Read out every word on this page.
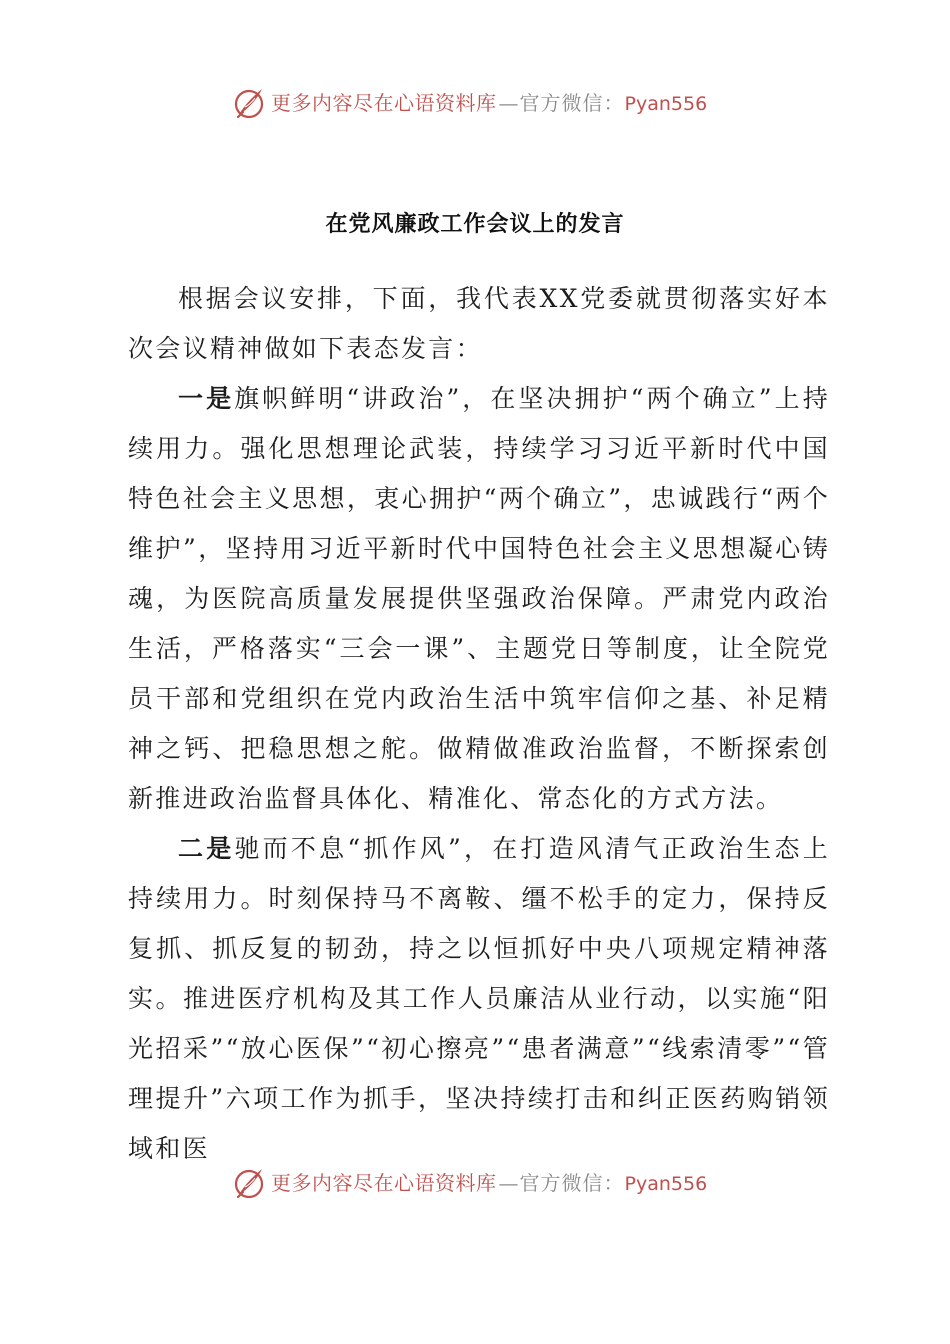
更多内容尽在心语资料库 —官方微信：Pyan556
在党风廉政工作会议上的发言

根据会议安排，下面，我代表XX党委就贯彻落实好本次会议精神做如下表态发言：

一是旗帜鲜明“讲政治”，在坚决拥护“两个确立”上持续用力。强化思想理论武装，持续学习习近平新时代中国特色社会主义思想，衷心拥护“两个确立”，忠诚践行“两个维护”，坚持用习近平新时代中国特色社会主义思想凝心铸魂，为医院高质量发展提供坚强政治保障。严肃党内政治生活，严格落实“三会一课”、主题党日等制度，让全院党员干部和党组织在党内政治生活中筑牢信仰之基、补足精神之钙、把稳思想之舵。做精做准政治监督，不断探索创新推进政治监督具体化、精准化、常态化的方式方法。

二是驰而不息“抓作风”，在打造风清气正政治生态上持续用力。时刻保持马不离鞍、缰不松手的定力，保持反复抓、抓反复的韧劲，持之以恒抓好中央八项规定精神落实。推进医疗机构及其工作人员廉洁从业行动，以实施“阳光招采”“放心医保”“初心擦亮”“患者满意”“线索清零”“管理提升”六项工作为抓手，坚决持续打击和纠正医药购销领域和医

更多内容尽在心语资料库 —官方微信：Pyan556
